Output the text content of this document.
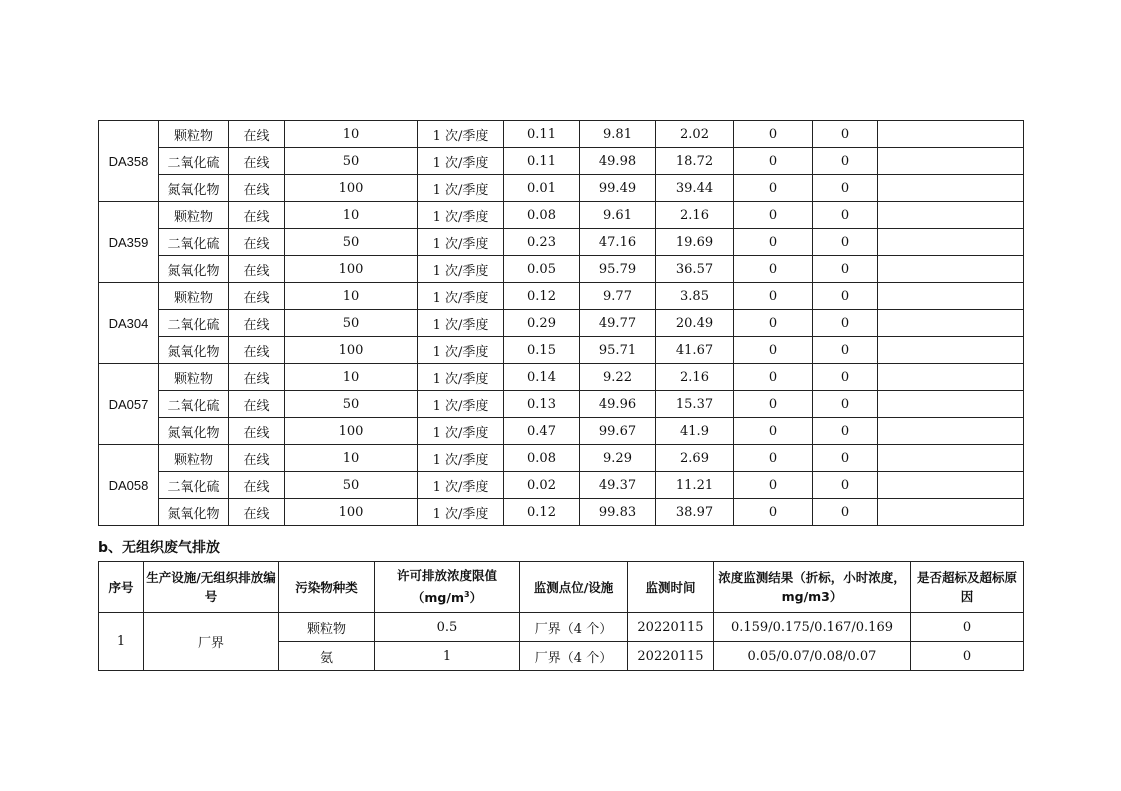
DA358	颗粒物	在线	10	1 次/季度	0.11	9.81	2.02	0	0	
	二氧化硫	在线	50	1 次/季度	0.11	49.98	18.72	0	0	
	氮氧化物	在线	100	1 次/季度	0.01	99.49	39.44	0	0	
DA359	颗粒物	在线	10	1 次/季度	0.08	9.61	2.16	0	0	
	二氧化硫	在线	50	1 次/季度	0.23	47.16	19.69	0	0	
	氮氧化物	在线	100	1 次/季度	0.05	95.79	36.57	0	0	
DA304	颗粒物	在线	10	1 次/季度	0.12	9.77	3.85	0	0	
	二氧化硫	在线	50	1 次/季度	0.29	49.77	20.49	0	0	
	氮氧化物	在线	100	1 次/季度	0.15	95.71	41.67	0	0	
DA057	颗粒物	在线	10	1 次/季度	0.14	9.22	2.16	0	0	
	二氧化硫	在线	50	1 次/季度	0.13	49.96	15.37	0	0	
	氮氧化物	在线	100	1 次/季度	0.47	99.67	41.9	0	0	
DA058	颗粒物	在线	10	1 次/季度	0.08	9.29	2.69	0	0	
	二氧化硫	在线	50	1 次/季度	0.02	49.37	11.21	0	0	
	氮氧化物	在线	100	1 次/季度	0.12	99.83	38.97	0	0	
b、无组织废气排放
序号	生产设施/无组织排放编号	污染物种类	许可排放浓度限值
$(mg/m^3)$	监测点位/设施	监测时间	浓度监测结果（折标，小时浓度，mg/m3）	是否超标及超标原因
1	厂界	颗粒物	0.5	厂界（4 个）	20220115	0.159/0.175/0.167/0.169	0
		氨	1	厂界（4 个）	20220115	0.05/0.07/0.08/0.07	0
